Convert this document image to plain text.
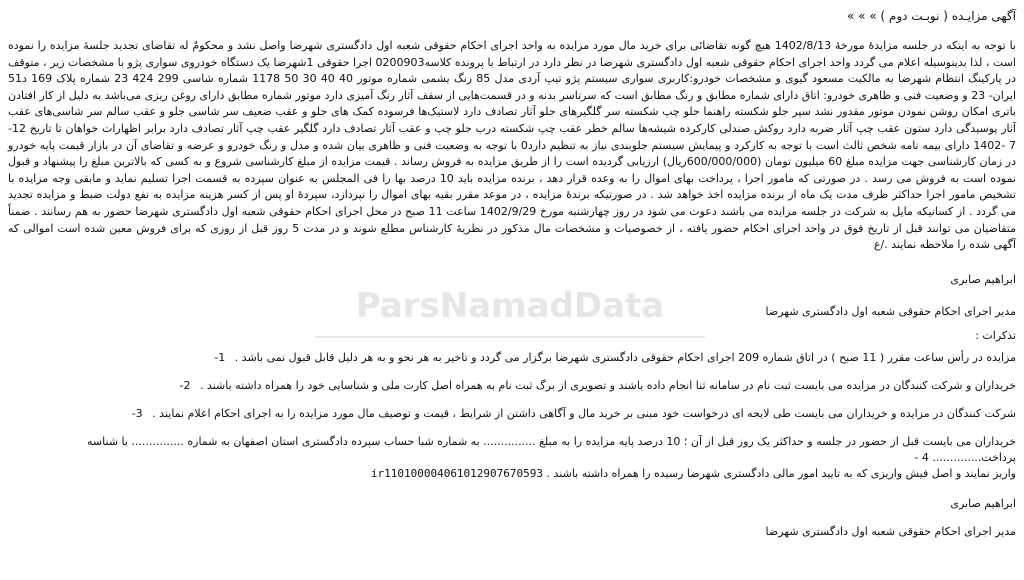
آگهی مزایـده ( نوبـت دوم ) » » »

با توجه به اینکه در جلسه مزایدۀ مورخۀ 1402/8/13 هیچ گونه تقاضائی برای خرید مال مورد مزایده به واحد اجرای احکام حقوقی شعبه اول دادگستری شهرضا واصل نشد و محکومٌ له تقاضای تجدید جلسۀ مزایده را نموده است ، لذا بدینوسیله اعلام می گردد واحد اجرای احکام حقوقی شعبه اول دادگستری شهرضا در نظر دارد در ارتباط با پرونده کلاسه0200903 اجرا حقوقی 1شهرضا یک دستگاه خودروی سواری پژو با مشخصات زیر ، متوقف در پارکینگ انتظام شهرضا به مالکیت مسعود گیوی و مشخصات خودرو:کاربری سواری سیستم پژو تیپ آردی مدل 85 رنگ یشمی شماره موتور 40 40 30 50 1178 شماره شاسی 299 424 23 شماره پلاک 169 د51 ایران- 23 و وضعیت فنی و ظاهری خودرو: اتاق دارای شماره مطابق و رنگ مطابق است که سرتاسر بدنه و در قسمت‌هایی از سقف آثار رنگ آمیزی دارد موتور شماره مطابق دارای روغن ریزی می‌باشد به دلیل از کار افتادن باتری امکان روشن نمودن موتور مقدور نشد سپر جلو شکسته راهنما جلو چپ شکسته سر گلگیرهای جلو آثار تصادف دارد لاستیک‌ها فرسوده کمک های جلو و عقب ضعیف سر شاسی جلو و عقب سالم سر شاسی‌های عقب آثار پوسیدگی دارد ستون عقب چپ آثار ضربه دارد روکش صندلی کارکرده شیشه‌ها سالم خطر عقب چپ شکسته درب جلو چپ و عقب آثار تصادف دارد گلگیر عقب چپ آثار تصادف دارد برابر اظهارات خواهان تا تاریخ 12- 7 -1402 دارای بیمه نامه شخص ثالث است با توجه به کارکرد و پیمایش سیستم جلوبندی نیاز به تنظیم دارد0 با توجه به وضعیت فنی و ظاهری بیان شده و مدل و رنگ خودرو و عرضه و تقاضای آن در بازار قیمت پایه خودرو در زمان کارشناسی جهت مزایده مبلغ 60 میلیون تومان (600/000/000ریال) ارزیابی گردیده است را از طریق مزایده به فروش رساند . قیمت مزایده از مبلغ کارشناسی شروع و به کسی که بالاترین مبلغ را پیشنهاد و قبول نموده است به فروش می رسد . در صورتی که مامور اجرا ، پرداخت بهای اموال را به وعده قرار دهد ، برنده مزایده باید 10 درصد بها را فی المجلس به عنوان سپرده به قسمت اجرا تسلیم نماید و مابقی وجه مزایده با تشخیص مامور اجرا حداکثر ظرف مدت یک ماه از برنده مزایده اخذ خواهد شد . در صورتیکه برندۀ مزایده ، در موعد مقرر بقیه بهای اموال را نپردازد، سپردۀ او پس از کسر هزینه مزایده به نفع دولت ضبط و مزایده تجدید می گردد . از کسانیکه مایل به شرکت در جلسه مزایده می باشند دعوت می شود در روز چهارشنبه مورخ 1402/9/29 ساعت 11 صبح در محل اجرای احکام حقوقی شعبه اول دادگستری شهرضا حضور به هم رسانند . ضمناً متقاضیان می توانند قبل از تاریخ فوق در واحد اجرای احکام حضور یافته ، از خصوصیات و مشخصات مال مذکور در نظریۀ کارشناس مطلع شوند و در مدت 5 روز قبل از روزی که برای فروش معین شده است اموالی که آگهی شده را ملاحظه نمایند ./ع

ابراهیم صابری

مدیر اجرای احکام حقوقی شعبه اول دادگستری شهرضا

تذکرات :

مزایده در رأس ساعت مقرر ( 11 صبح ) در اتاق شماره 209 اجرای احکام حقوقی دادگستری شهرضا برگزار می گردد و تاخیر به هر نحو و به هر دلیل قابل قبول نمی باشد . 1-

خریداران و شرکت کنندگان در مزایده می بایست ثبت نام در سامانه ثنا انجام داده باشند و تصویری از برگ ثبت نام به همراه اصل کارت ملی و شناسایی خود را همراه داشته باشند . 2-

شرکت کنندگان در مزایده و خریداران می بایست طی لایحه ای درخواست خود مبنی بر خرید مال و آگاهی داشتن از شرایط ، قیمت و توصیف مال مورد مزایده را به اجرای احکام اعلام نمایند . 3-

خریداران می بایست قبل از حضور در جلسه و حداکثر یک روز قبل از آن ؛ 10 درصد پایه مزایده را به مبلغ ............... به شماره شبا حساب سپرده دادگستری استان اصفهان به شماره ............... با شناسه پرداخت.............. 4 -
واریز نمایند و اصل فیش واریزی که به تایید امور مالی دادگستری شهرضا رسیده را همراه داشته باشند . ir110100004061012907670593

ابراهیم صابری

مدیر اجرای احکام حقوقی شعبه اول دادگستری شهرضا

ParsNamadData
